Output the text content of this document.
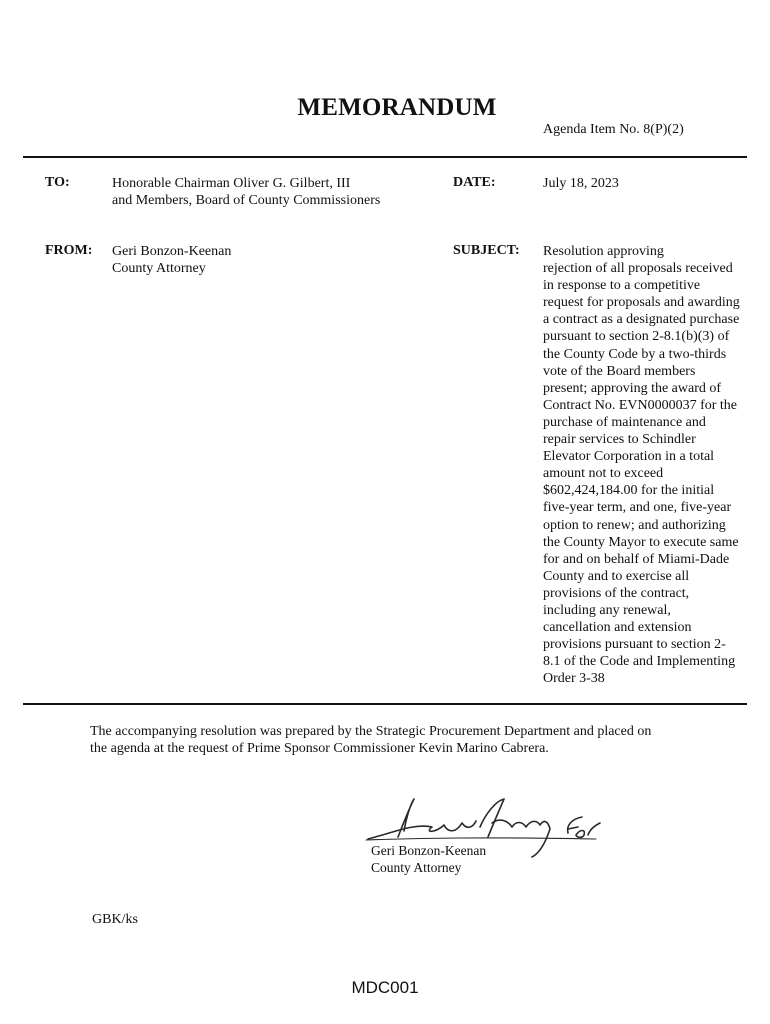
MEMORANDUM
Agenda Item No. 8(P)(2)
TO:	Honorable Chairman Oliver G. Gilbert, III
and Members, Board of County Commissioners
DATE:	July 18, 2023
FROM: Geri Bonzon-Keenan
County Attorney
SUBJECT: Resolution approving
rejection of all proposals received
in response to a competitive
request for proposals and awarding
a contract as a designated purchase
pursuant to section 2-8.1(b)(3) of
the County Code by a two-thirds
vote of the Board members
present; approving the award of
Contract No. EVN0000037 for the
purchase of maintenance and
repair services to Schindler
Elevator Corporation in a total
amount not to exceed
$602,424,184.00 for the initial
five-year term, and one, five-year
option to renew; and authorizing
the County Mayor to execute same
for and on behalf of Miami-Dade
County and to exercise all
provisions of the contract,
including any renewal,
cancellation and extension
provisions pursuant to section 2-
8.1 of the Code and Implementing
Order 3-38
The accompanying resolution was prepared by the Strategic Procurement Department and placed on
the agenda at the request of Prime Sponsor Commissioner Kevin Marino Cabrera.
Geri Bonzon-Keenan
County Attorney
GBK/ks
MDC001
